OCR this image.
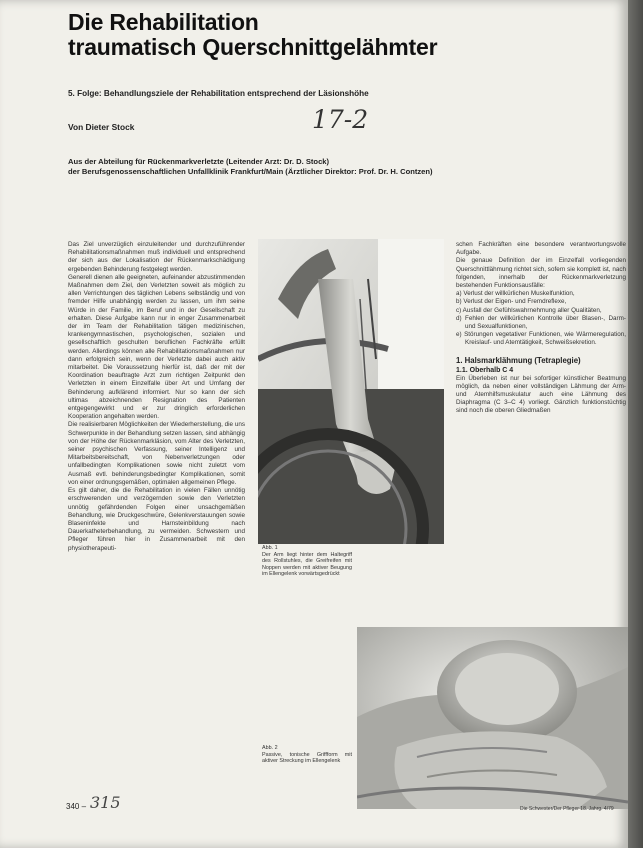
Die Rehabilitation
traumatisch Querschnittgelähmter
5. Folge: Behandlungsziele der Rehabilitation entsprechend der Läsionshöhe
Von Dieter Stock	17-2
Aus der Abteilung für Rückenmarkverletzte (Leitender Arzt: Dr. D. Stock)
der Berufsgenossenschaftlichen Unfallklinik Frankfurt/Main (Ärztlicher Direktor: Prof. Dr. H. Contzen)

Das Ziel unverzüglich einzuleitender und durchzuführender Rehabilitationsmaßnahmen muß individuell und entsprechend der sich aus der Lokalisation der Rückenmarkschädigung ergebenden Behinderung festgelegt werden.

Generell dienen alle geeigneten, aufeinander abzustimmenden Maßnahmen dem Ziel, den Verletzten soweit als möglich zu allen Verrichtungen des täglichen Lebens selbständig und von fremder Hilfe unabhängig werden zu lassen, um ihm seine Würde in der Familie, im Beruf und in der Gesellschaft zu erhalten. Diese Aufgabe kann nur in enger Zusammenarbeit der im Team der Rehabilitation tätigen medizinischen, krankengymnastischen, psychologischen, sozialen und gesellschaftlich geschulten beruflichen Fachkräfte erfüllt werden. Allerdings können alle Rehabilitationsmaßnahmen nur dann erfolgreich sein, wenn der Verletzte dabei auch aktiv mitarbeitet. Die Voraussetzung hierfür ist, daß der mit der Koordination beauftragte Arzt zum richtigen Zeitpunkt den Verletzten in einem Einzelfalle über Art und Umfang der Behinderung aufklärend informiert. Nur so kann der sich ultimas abzeichnenden Resignation des Patienten entgegengewirkt und er zur dringlich erforderlichen Kooperation angehalten werden.

Die realisierbaren Möglichkeiten der Wiederherstellung, die uns Schwerpunkte in der Behandlung setzen lassen, sind abhängig von der Höhe der Rückenmarkläsion, vom Alter des Verletzten, seiner psychischen Verfassung, seiner Intelligenz und Mitarbeitsbereitschaft, von Nebenverletzungen oder unfallbedingten Komplikationen sowie nicht zuletzt vom Ausmaß evtl. behinderungsbedingter Komplikationen, somit von einer ordnungsgemäßen, optimalen allgemeinen Pflege.

Es gilt daher, die die Rehabilitation in vielen Fällen unnötig erschwerenden und verzögernden sowie den Verletzten unnötig gefährdenden Folgen einer unsachgemäßen Behandlung, wie Druckgeschwüre, Gelenkverstauungen sowie Blaseninfekte und Harnsteinbildung nach Dauerkatheterbehandlung, zu vermeiden. Schwestern und Pfleger führen hier in Zusammenarbeit mit den physiotherapeuti-	Abb. 1
Der Arm liegt hinter dem Haltegriff des Rollstuhles, die Greifreifen mit Noppen werden mit aktiver Beugung im Ellengelenk vorwärtsgedrückt

schen Fachkräften eine besondere verantwortungsvolle Aufgabe.

Die genaue Definition der im Einzelfall vorliegenden Querschnittlähmung richtet sich, sofern sie komplett ist, nach folgenden, innerhalb der Rückenmarkverletzung bestehenden Funktionsausfälle:

a) Verlust der willkürlichen Muskelfunktion,
b) Verlust der Eigen- und Fremdreflexe,
c) Ausfall der Gefühlswahrnehmung aller Qualitäten,
d) Fehlen der willkürlichen Kontrolle über Blasen-, Darm- und Sexualfunktionen,
e) Störungen vegetativer Funktionen, wie Wärmeregulation, Kreislauf- und Atemtätigkeit, Schweißsekretion.
1. Halsmarklähmung (Tetraplegie)
1.1. Oberhalb C 4

Ein Überleben ist nur bei sofortiger künstlicher Beatmung möglich, da neben einer vollständigen Lähmung der Arm- und Atemhilfsmuskulatur auch eine Lähmung des Diaphragma (C 3–C 4) vorliegt. Gänzlich funktionstüchtig sind noch die oberen Gliedmaßen

Abb. 2
Passive, tonische Griffform mit aktiver Streckung im Ellengelenk
340 – 315	Die Schwester/Der Pfleger 18. Jahrg. 4/79
